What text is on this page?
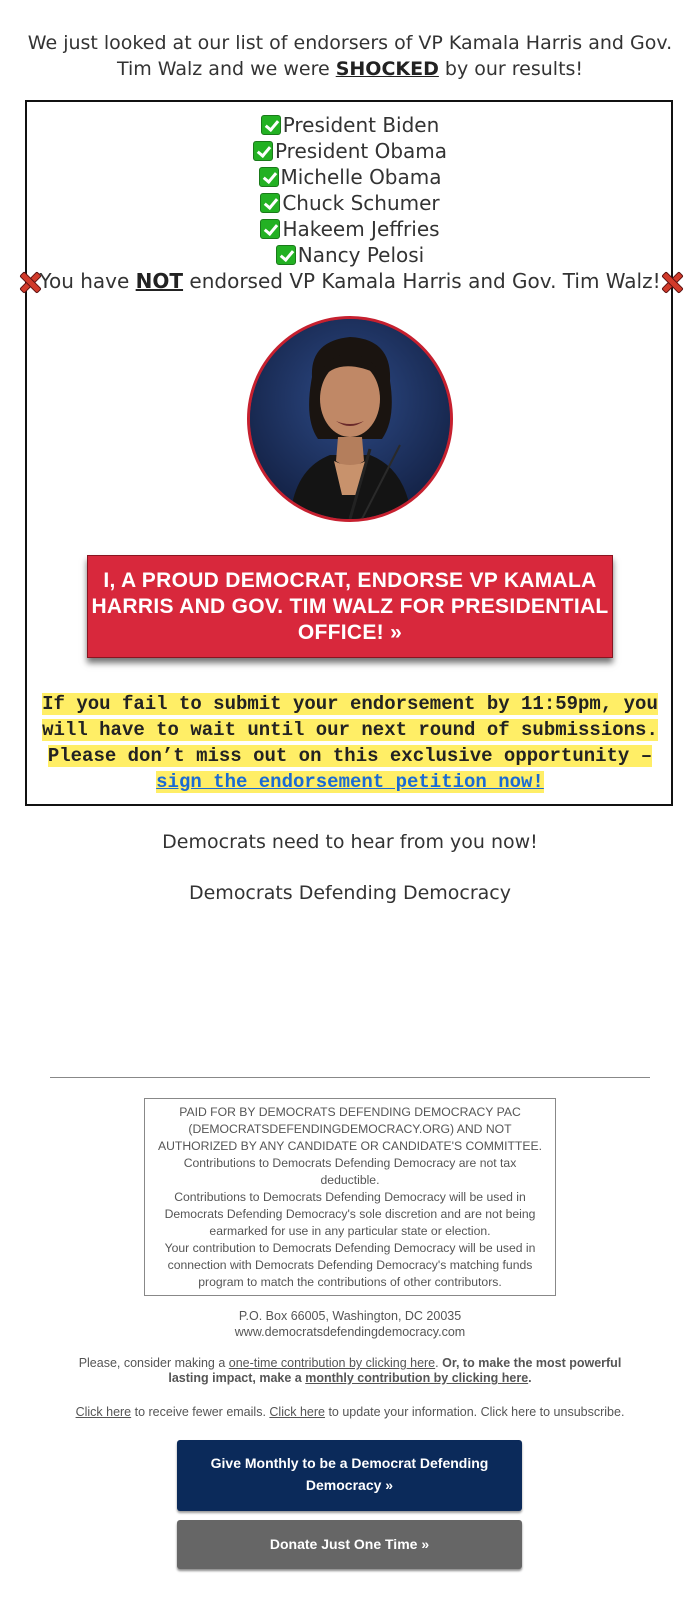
We just looked at our list of endorsers of VP Kamala Harris and Gov. Tim Walz and we were SHOCKED by our results!
President Biden
President Obama
Michelle Obama
Chuck Schumer
Hakeem Jeffries
Nancy Pelosi
You have NOT endorsed VP Kamala Harris and Gov. Tim Walz!
I, A PROUD DEMOCRAT, ENDORSE VP KAMALA HARRIS AND GOV. TIM WALZ FOR PRESIDENTIAL OFFICE! »
If you fail to submit your endorsement by 11:59pm, you will have to wait until our next round of submissions. Please don’t miss out on this exclusive opportunity – sign the endorsement petition now!
Democrats need to hear from you now!
Democrats Defending Democracy
PAID FOR BY DEMOCRATS DEFENDING DEMOCRACY PAC (DEMOCRATSDEFENDINGDEMOCRACY.ORG) AND NOT AUTHORIZED BY ANY CANDIDATE OR CANDIDATE'S COMMITTEE.
Contributions to Democrats Defending Democracy are not tax deductible.
Contributions to Democrats Defending Democracy will be used in Democrats Defending Democracy's sole discretion and are not being earmarked for use in any particular state or election.
Your contribution to Democrats Defending Democracy will be used in connection with Democrats Defending Democracy's matching funds program to match the contributions of other contributors.
P.O. Box 66005, Washington, DC 20035
www.democratsdefendingdemocracy.com
Please, consider making a one-time contribution by clicking here. Or, to make the most powerful lasting impact, make a monthly contribution by clicking here.
Click here to receive fewer emails. Click here to update your information. Click here to unsubscribe.
Give Monthly to be a Democrat Defending Democracy »
Donate Just One Time »
